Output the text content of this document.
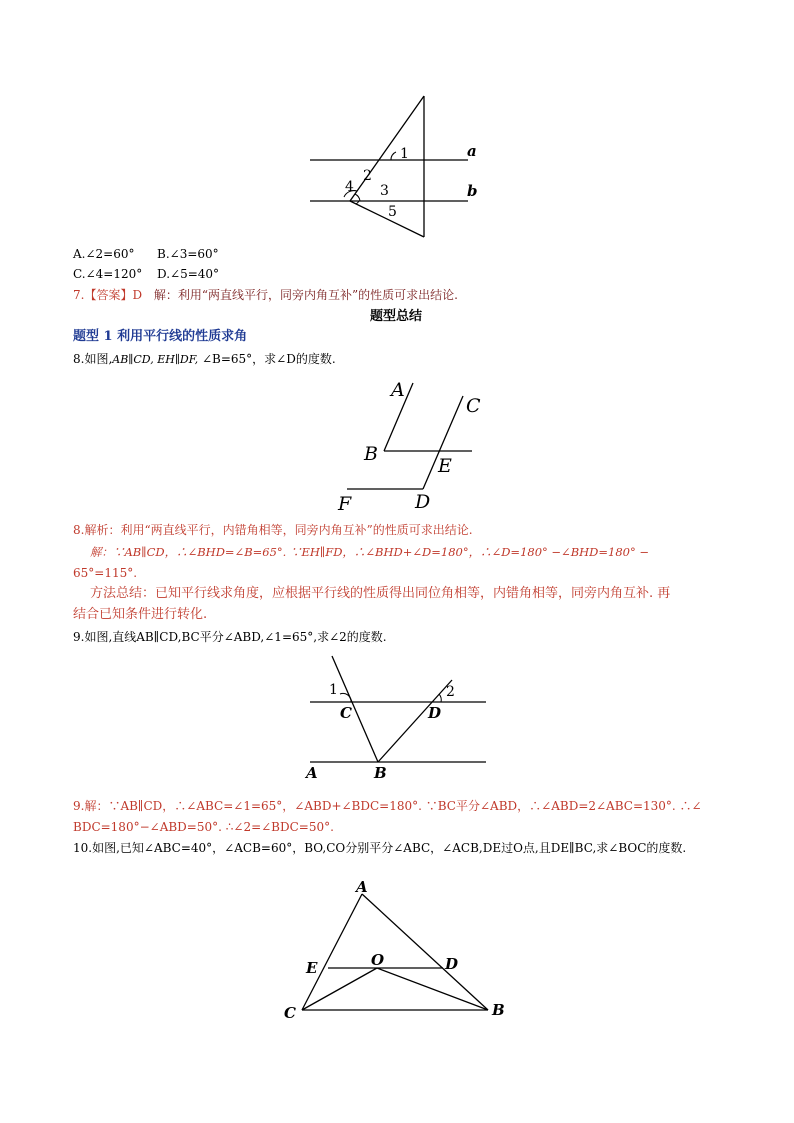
a
b
1
2
4 3
5
A.∠2=60° B.∠3=60°
C.∠4=120° D.∠5=40°
7.【答案】D 解：利用“两直线平行，同旁内角互补”的性质可求出结论.
题型总结
题型 1 利用平行线的性质求角
8.如图,AB∥CD, EH∥DF, ∠B=65°，求∠D的度数.
A
C
B
E
F	D
8.解析：利用“两直线平行，内错角相等，同旁内角互补”的性质可求出结论.
解：∵AB∥CD，∴∠BHD=∠B=65°. ∵EH∥FD，∴∠BHD+∠D=180°，∴∠D=180° −∠BHD=180° −
65°=115°.
方法总结：已知平行线求角度，应根据平行线的性质得出同位角相等，内错角相等，同旁内角互补. 再
结合已知条件进行转化.
9.如图,直线AB∥CD,BC平分∠ABD,∠1=65°,求∠2的度数.
1	2
C	D
A	B
9.解：∵AB∥CD，∴∠ABC=∠1=65°，∠ABD+∠BDC=180°. ∵BC平分∠ABD，∴∠ABD=2∠ABC=130°. ∴∠
BDC=180°−∠ABD=50°. ∴∠2=∠BDC=50°.
10.如图,已知∠ABC=40°，∠ACB=60°，BO,CO分别平分∠ABC，∠ACB,DE过O点,且DE∥BC,求∠BOC的度数.
A
E	O	D
C	B
